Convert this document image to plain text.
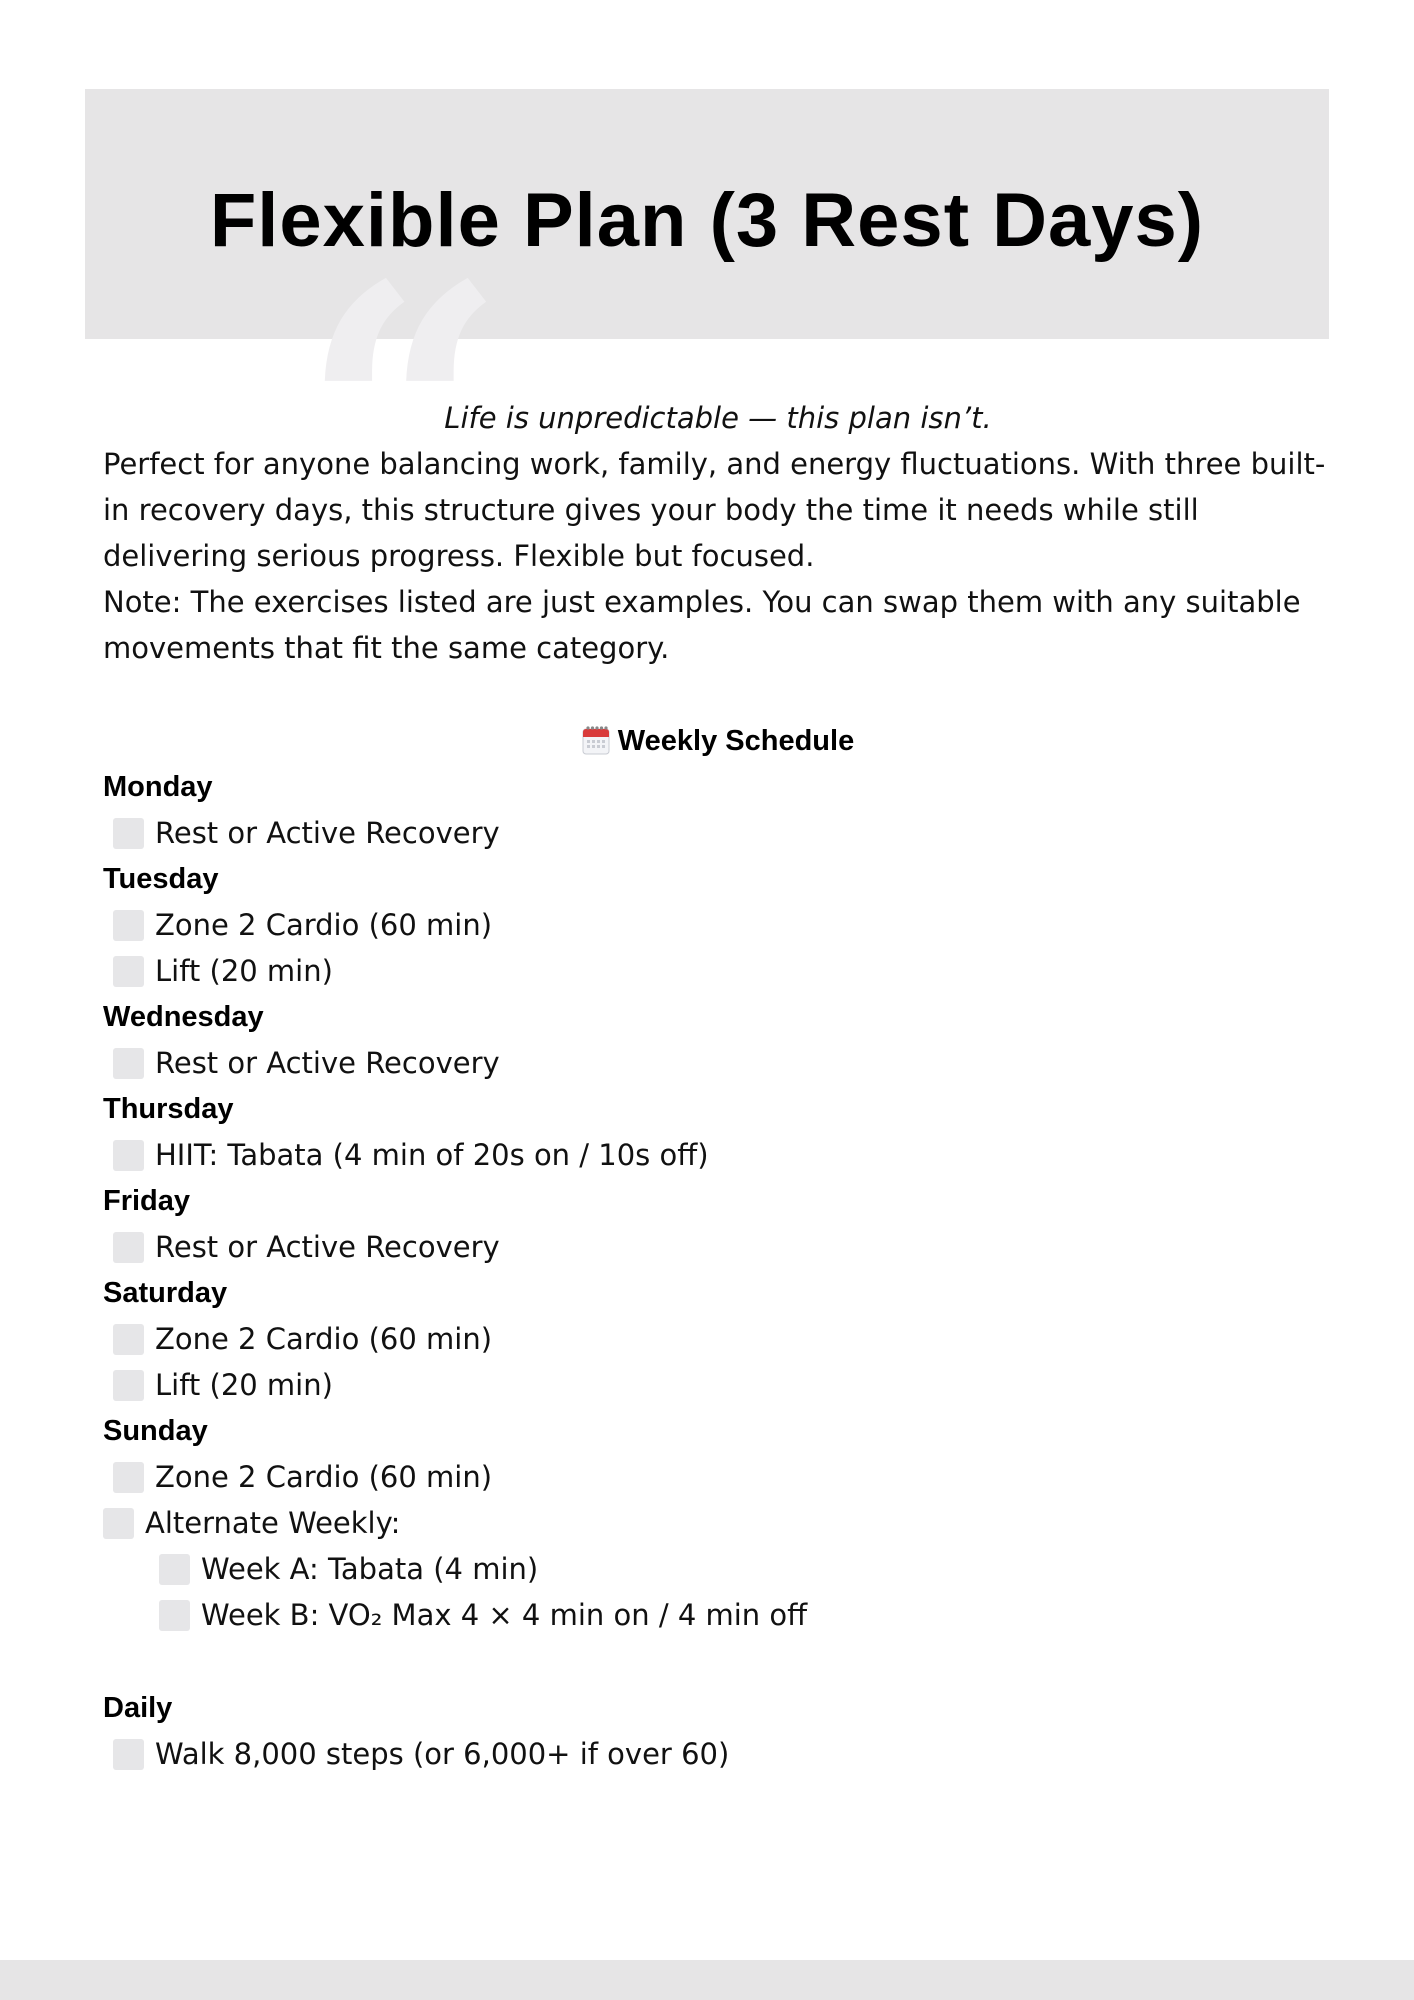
“
Flexible Plan (3 Rest Days)

Life is unpredictable — this plan isn’t.

Perfect for anyone balancing work, family, and energy fluctuations. With three built-in recovery days, this structure gives your body the time it needs while still delivering serious progress. Flexible but focused.

Note: The exercises listed are just examples. You can swap them with any suitable movements that fit the same category.

Weekly Schedule

Monday

Rest or Active Recovery

Tuesday

Zone 2 Cardio (60 min)
Lift (20 min)

Wednesday

Rest or Active Recovery

Thursday

HIIT: Tabata (4 min of 20s on / 10s off)

Friday

Rest or Active Recovery

Saturday

Zone 2 Cardio (60 min)
Lift (20 min)

Sunday

Zone 2 Cardio (60 min)
Alternate Weekly:
Week A: Tabata (4 min)
Week B: VO₂ Max 4 × 4 min on / 4 min off

Daily

Walk 8,000 steps (or 6,000+ if over 60)
